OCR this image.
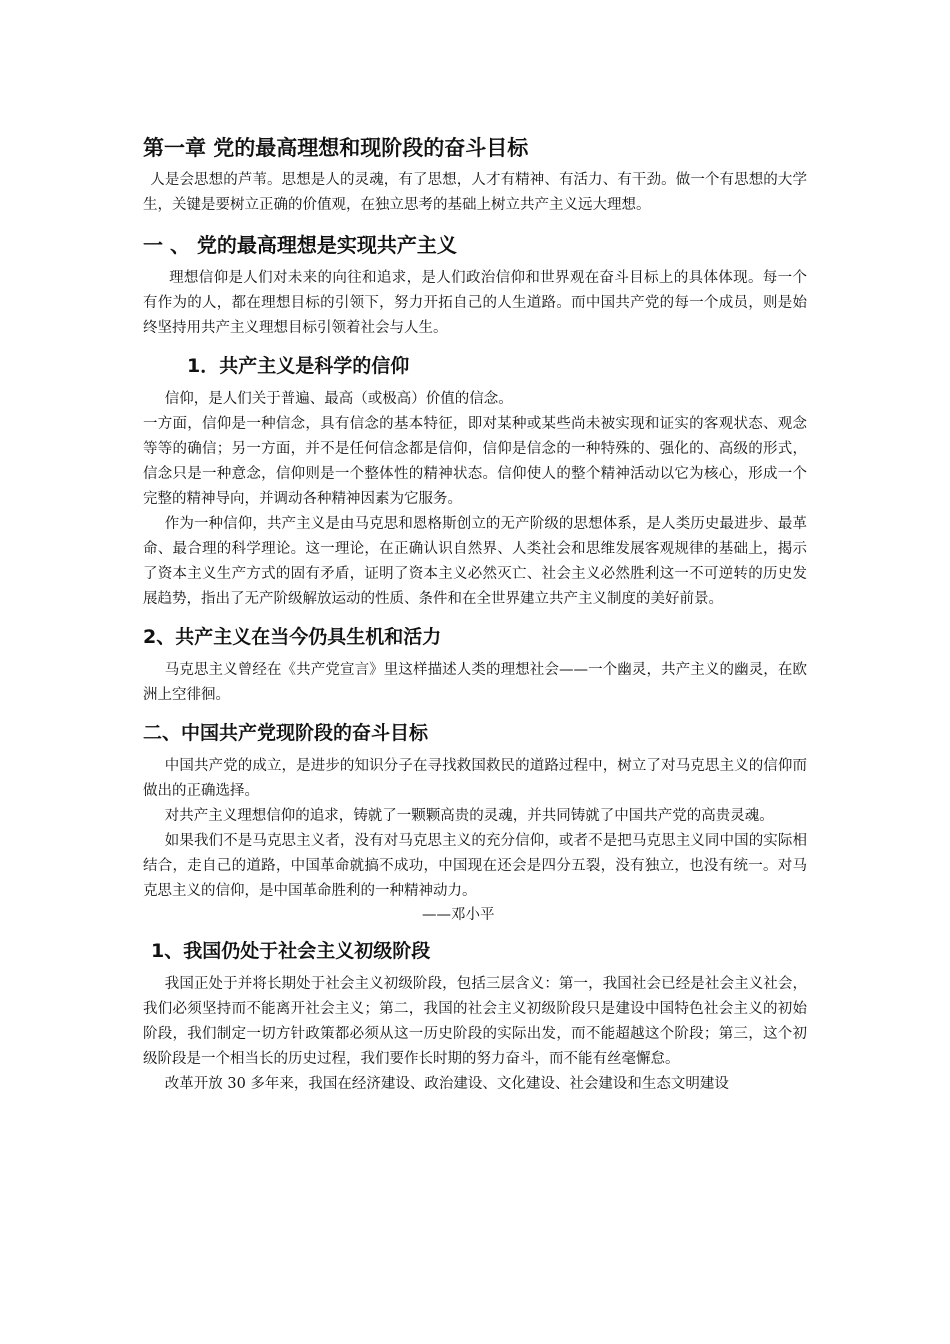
第一章 党的最高理想和现阶段的奋斗目标

人是会思想的芦苇。思想是人的灵魂，有了思想，人才有精神、有活力、有干劲。做一个有思想的大学生，关键是要树立正确的价值观，在独立思考的基础上树立共产主义远大理想。

一 、 党的最高理想是实现共产主义

理想信仰是人们对未来的向往和追求，是人们政治信仰和世界观在奋斗目标上的具体体现。每一个有作为的人，都在理想目标的引领下，努力开拓自己的人生道路。而中国共产党的每一个成员，则是始终坚持用共产主义理想目标引领着社会与人生。

1．共产主义是科学的信仰

信仰，是人们关于普遍、最高（或极高）价值的信念。

一方面，信仰是一种信念，具有信念的基本特征，即对某种或某些尚未被实现和证实的客观状态、观念等等的确信；另一方面，并不是任何信念都是信仰，信仰是信念的一种特殊的、强化的、高级的形式，信念只是一种意念，信仰则是一个整体性的精神状态。信仰使人的整个精神活动以它为核心，形成一个完整的精神导向，并调动各种精神因素为它服务。

作为一种信仰，共产主义是由马克思和恩格斯创立的无产阶级的思想体系，是人类历史最进步、最革命、最合理的科学理论。这一理论，在正确认识自然界、人类社会和思维发展客观规律的基础上，揭示了资本主义生产方式的固有矛盾，证明了资本主义必然灭亡、社会主义必然胜利这一不可逆转的历史发展趋势，指出了无产阶级解放运动的性质、条件和在全世界建立共产主义制度的美好前景。

2、共产主义在当今仍具生机和活力

马克思主义曾经在《共产党宣言》里这样描述人类的理想社会——一个幽灵，共产主义的幽灵，在欧洲上空徘徊。

二、中国共产党现阶段的奋斗目标

中国共产党的成立，是进步的知识分子在寻找救国救民的道路过程中，树立了对马克思主义的信仰而做出的正确选择。

对共产主义理想信仰的追求，铸就了一颗颗高贵的灵魂，并共同铸就了中国共产党的高贵灵魂。

如果我们不是马克思主义者，没有对马克思主义的充分信仰，或者不是把马克思主义同中国的实际相结合，走自己的道路，中国革命就搞不成功，中国现在还会是四分五裂，没有独立，也没有统一。对马克思主义的信仰，是中国革命胜利的一种精神动力。

——邓小平
1、我国仍处于社会主义初级阶段

我国正处于并将长期处于社会主义初级阶段，包括三层含义：第一，我国社会已经是社会主义社会，我们必须坚持而不能离开社会主义；第二，我国的社会主义初级阶段只是建设中国特色社会主义的初始阶段，我们制定一切方针政策都必须从这一历史阶段的实际出发，而不能超越这个阶段；第三，这个初级阶段是一个相当长的历史过程，我们要作长时期的努力奋斗，而不能有丝毫懈怠。

改革开放 30 多年来，我国在经济建设、政治建设、文化建设、社会建设和生态文明建设
